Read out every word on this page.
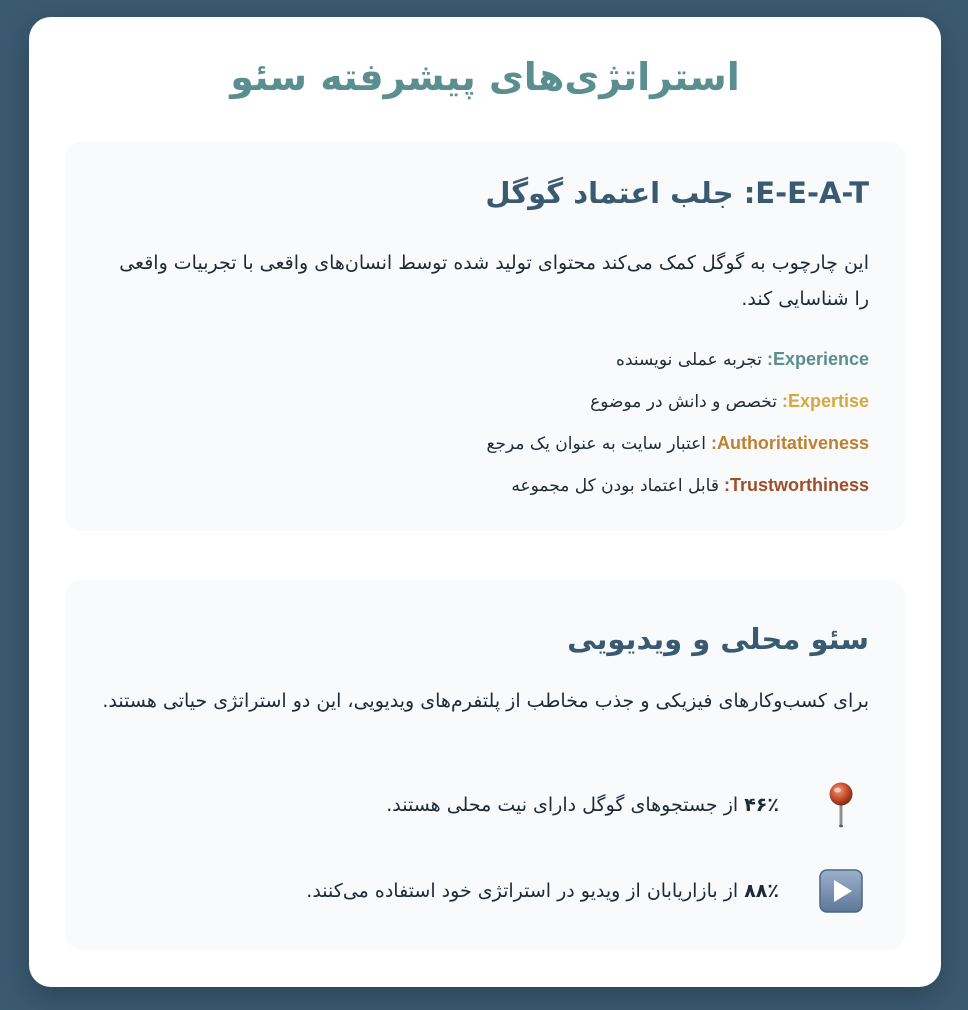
استراتژی‌های پیشرفته سئو
E-E-A-T: جلب اعتماد گوگل
این چارچوب به گوگل کمک می‌کند محتوای تولید شده توسط انسان‌های واقعی با تجربیات واقعی را شناسایی کند.
Experience: تجربه عملی نویسنده
Expertise: تخصص و دانش در موضوع
Authoritativeness: اعتبار سایت به عنوان یک مرجع
Trustworthiness: قابل اعتماد بودن کل مجموعه
سئو محلی و ویدیویی
برای کسب‌وکارهای فیزیکی و جذب مخاطب از پلتفرم‌های ویدیویی، این دو استراتژی حیاتی هستند.
۴۶٪ از جستجوهای گوگل دارای نیت محلی هستند.
۸۸٪ از بازاریابان از ویدیو در استراتژی خود استفاده می‌کنند.
